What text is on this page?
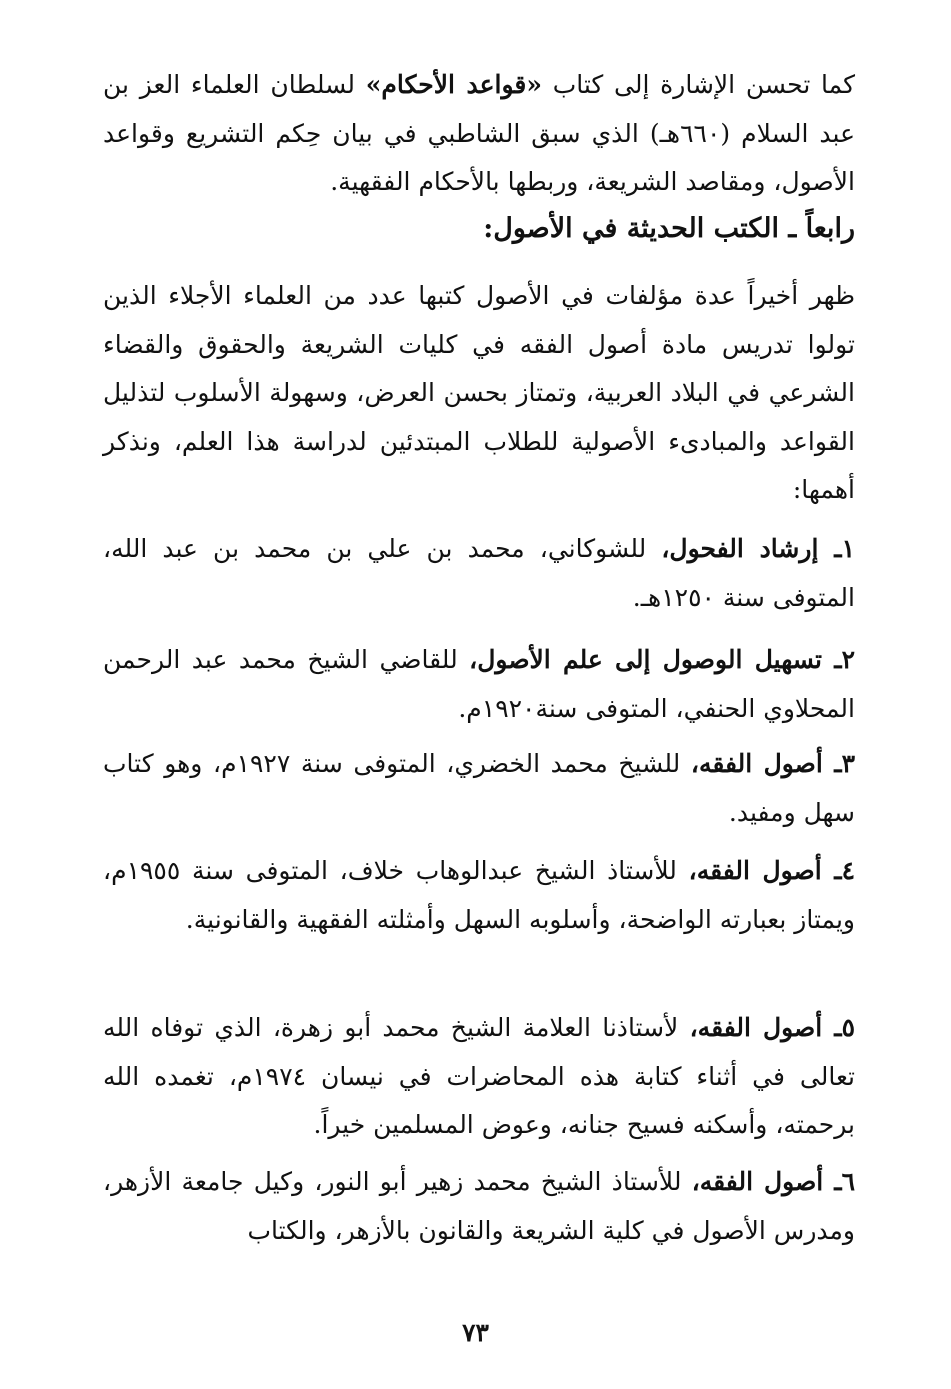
كما تحسن الإشارة إلى كتاب «قواعد الأحكام» لسلطان العلماء العز بن عبد السلام (٦٦٠هـ) الذي سبق الشاطبي في بيان حِكم التشريع وقواعد الأصول، ومقاصد الشريعة، وربطها بالأحكام الفقهية.

رابعاً ـ الكتب الحديثة في الأصول:

ظهر أخيراً عدة مؤلفات في الأصول كتبها عدد من العلماء الأجلاء الذين تولوا تدريس مادة أصول الفقه في كليات الشريعة والحقوق والقضاء الشرعي في البلاد العربية، وتمتاز بحسن العرض، وسهولة الأسلوب لتذليل القواعد والمبادىء الأصولية للطلاب المبتدئين لدراسة هذا العلم، ونذكر أهمها:

١ـ إرشاد الفحول، للشوكاني، محمد بن علي بن محمد بن عبد الله، المتوفى سنة ١٢٥٠هـ.

٢ـ تسهيل الوصول إلى علم الأصول، للقاضي الشيخ محمد عبد الرحمن المحلاوي الحنفي، المتوفى سنة١٩٢٠م.

٣ـ أصول الفقه، للشيخ محمد الخضري، المتوفى سنة ١٩٢٧م، وهو كتاب سهل ومفيد.

٤ـ أصول الفقه، للأستاذ الشيخ عبدالوهاب خلاف، المتوفى سنة ١٩٥٥م، ويمتاز بعبارته الواضحة، وأسلوبه السهل وأمثلته الفقهية والقانونية.

٥ـ أصول الفقه، لأستاذنا العلامة الشيخ محمد أبو زهرة، الذي توفاه الله تعالى في أثناء كتابة هذه المحاضرات في نيسان ١٩٧٤م، تغمده الله برحمته، وأسكنه فسيح جنانه، وعوض المسلمين خيراً.

٦ـ أصول الفقه، للأستاذ الشيخ محمد زهير أبو النور، وكيل جامعة الأزهر، ومدرس الأصول في كلية الشريعة والقانون بالأزهر، والكتاب

٧٣
